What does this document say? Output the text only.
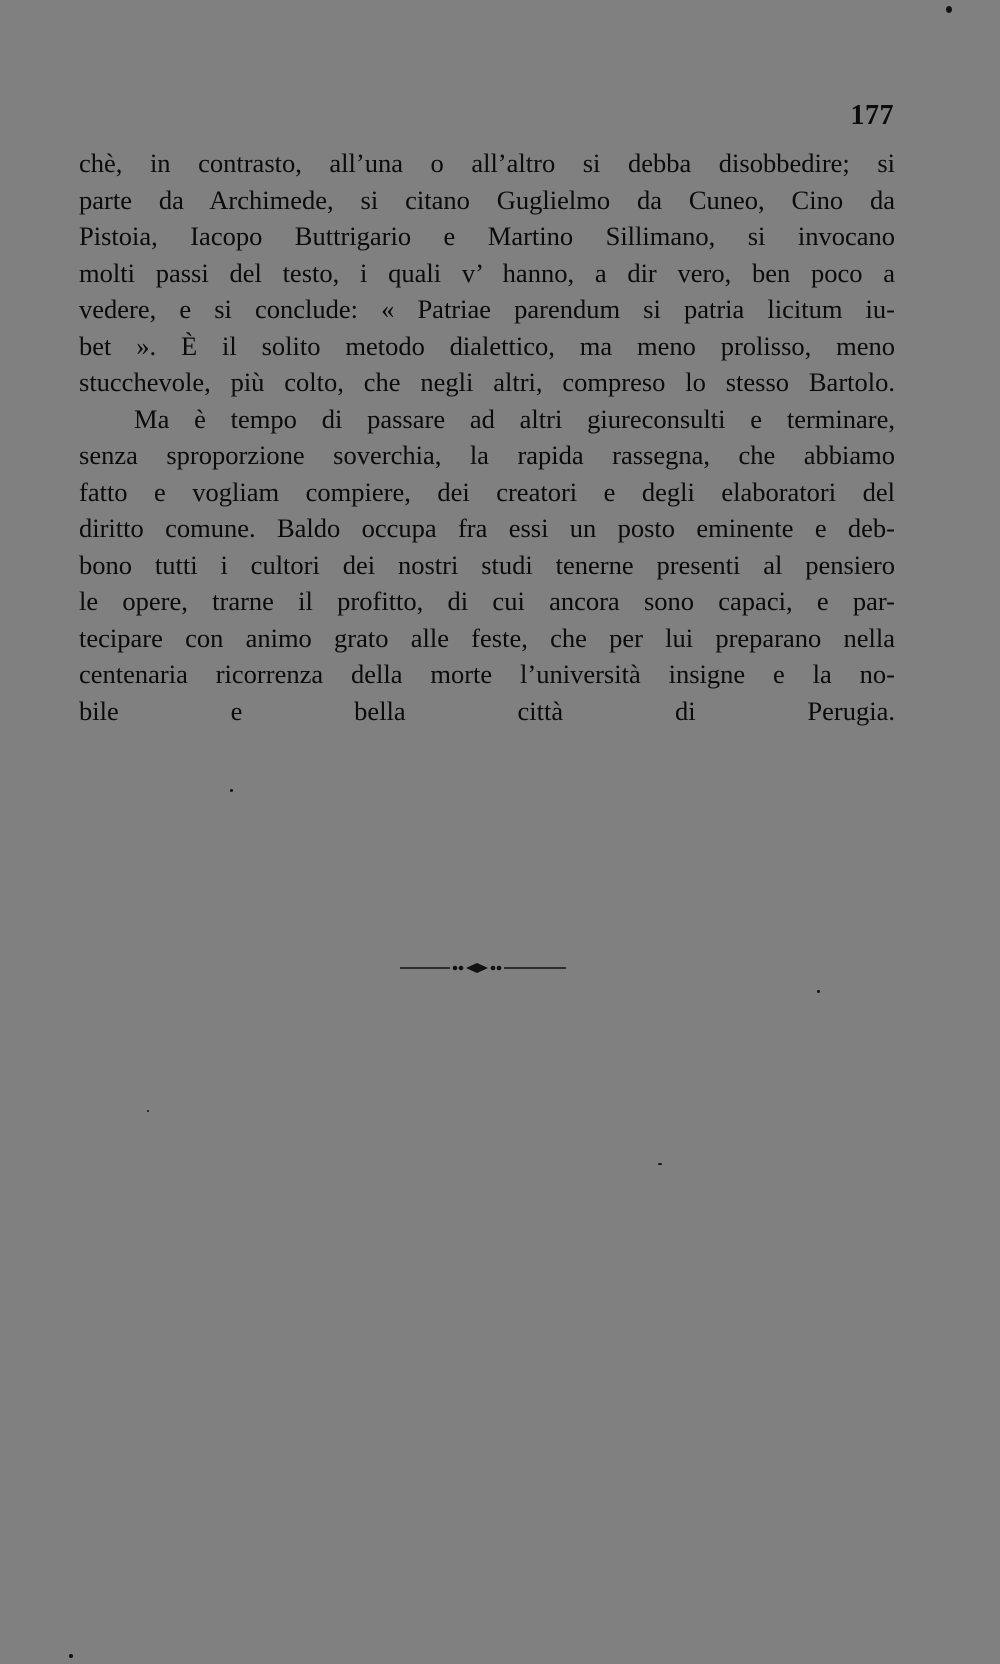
177
chè, in contrasto, all’una o all’altro si debba disobbedire; si
parte da Archimede, si citano Guglielmo da Cuneo, Cino da
Pistoia, Iacopo Buttrigario e Martino Sillimano, si invocano
molti passi del testo, i quali v’ hanno, a dir vero, ben poco a
vedere, e si conclude: « Patriae parendum si patria licitum iu-
bet ». È il solito metodo dialettico, ma meno prolisso, meno
stucchevole, più colto, che negli altri, compreso lo stesso Bartolo.
Ma è tempo di passare ad altri giureconsulti e terminare,
senza sproporzione soverchia, la rapida rassegna, che abbiamo
fatto e vogliam compiere, dei creatori e degli elaboratori del
diritto comune. Baldo occupa fra essi un posto eminente e deb-
bono tutti i cultori dei nostri studi tenerne presenti al pensiero
le opere, trarne il profitto, di cui ancora sono capaci, e par-
tecipare con animo grato alle feste, che per lui preparano nella
centenaria ricorrenza della morte l’università insigne e la no-
bile e bella città di Perugia.
